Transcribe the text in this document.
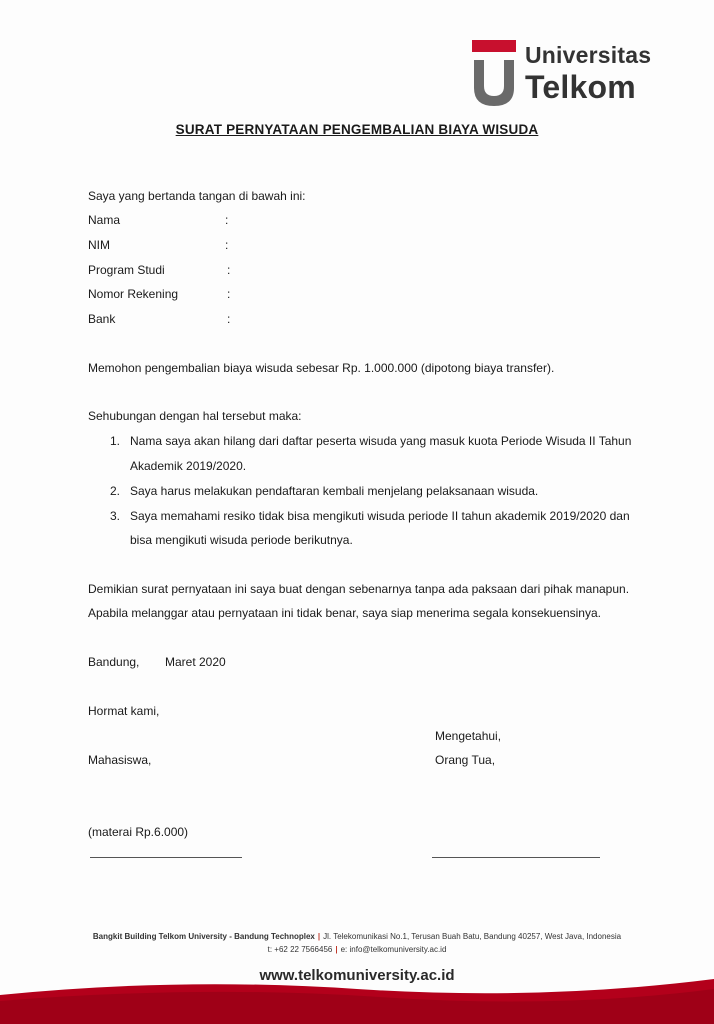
Universitas
Telkom
SURAT PERNYATAAN PENGEMBALIAN BIAYA WISUDA
Saya yang bertanda tangan di bawah ini:
Nama	:
NIM	:
Program Studi	:
Nomor Rekening	:
Bank	:
Memohon pengembalian biaya wisuda sebesar Rp. 1.000.000 (dipotong biaya transfer).
Sehubungan dengan hal tersebut maka:
1. Nama saya akan hilang dari daftar peserta wisuda yang masuk kuota Periode Wisuda II Tahun
Akademik 2019/2020.
2. Saya harus melakukan pendaftaran kembali menjelang pelaksanaan wisuda.
3. Saya memahami resiko tidak bisa mengikuti wisuda periode II tahun akademik 2019/2020 dan
bisa mengikuti wisuda periode berikutnya.
Demikian surat pernyataan ini saya buat dengan sebenarnya tanpa ada paksaan dari pihak manapun.
Apabila melanggar atau pernyataan ini tidak benar, saya siap menerima segala konsekuensinya.
Bandung, Maret 2020
Hormat kami,
Mengetahui,
Mahasiswa,	Orang Tua,
(materai Rp.6.000)
Bangkit Building Telkom University - Bandung Technoplex | Jl. Telekomunikasi No.1, Terusan Buah Batu, Bandung 40257, West Java, Indonesia
t: +62 22 7566456 | e: info@telkomuniversity.ac.id
www.telkomuniversity.ac.id
